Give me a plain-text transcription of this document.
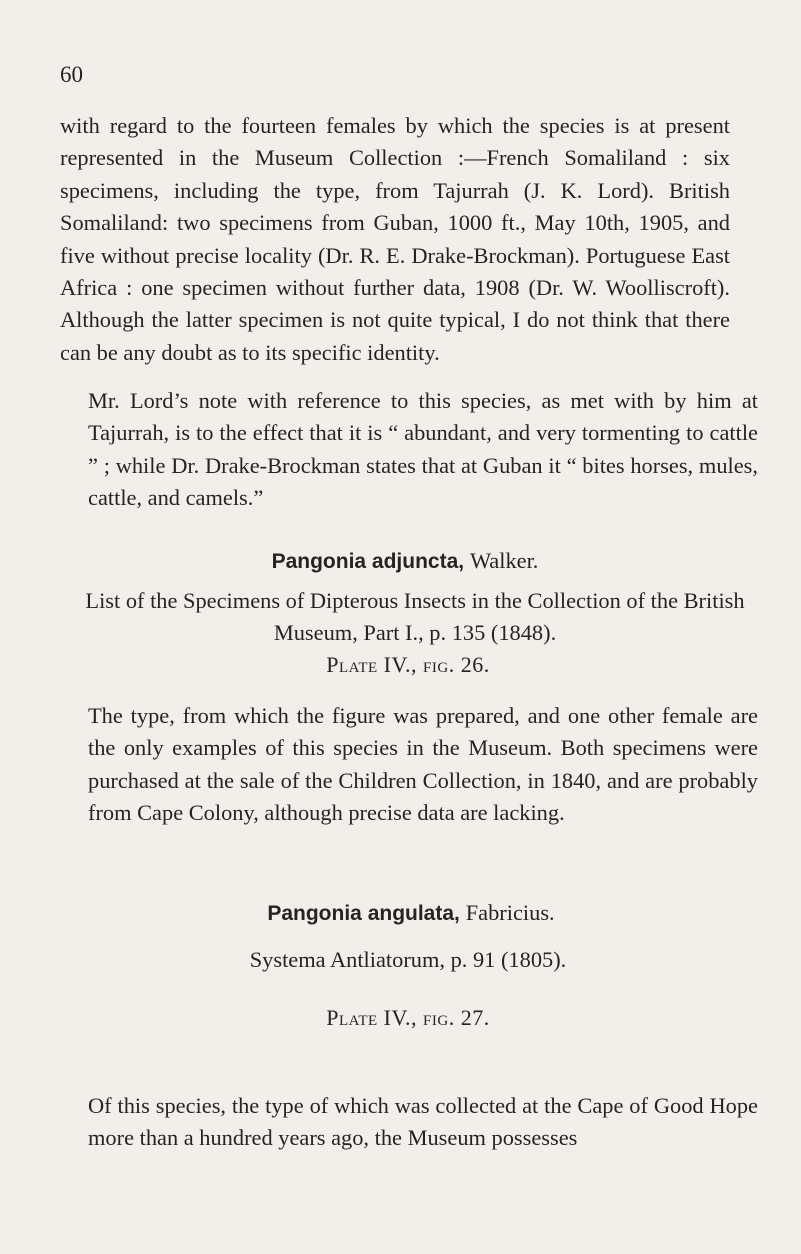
60

with regard to the fourteen females by which the species is at present represented in the Museum Collection :—French Somaliland : six specimens, including the type, from Tajurrah (J. K. Lord). British Somaliland: two specimens from Guban, 1000 ft., May 10th, 1905, and five without precise locality (Dr. R. E. Drake-Brockman). Portuguese East Africa : one specimen without further data, 1908 (Dr. W. Woolliscroft). Although the latter specimen is not quite typical, I do not think that there can be any doubt as to its specific identity.

Mr. Lord’s note with reference to this species, as met with by him at Tajurrah, is to the effect that it is “ abundant, and very tormenting to cattle ” ; while Dr. Drake-Brockman states that at Guban it “ bites horses, mules, cattle, and camels.”

Pangonia adjuncta, Walker.

List of the Specimens of Dipterous Insects in the Collection of the British Museum, Part I., p. 135 (1848).

Plate IV., fig. 26.

The type, from which the figure was prepared, and one other female are the only examples of this species in the Museum. Both specimens were purchased at the sale of the Children Collection, in 1840, and are probably from Cape Colony, although precise data are lacking.

Pangonia angulata, Fabricius.

Systema Antliatorum, p. 91 (1805).

Plate IV., fig. 27.

Of this species, the type of which was collected at the Cape of Good Hope more than a hundred years ago, the Museum possesses
